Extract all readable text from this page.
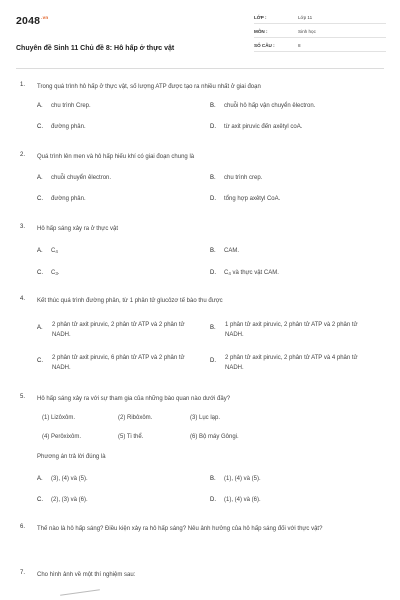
$2048^{.vn}$
Chuyên đề Sinh 11 Chủ đề 8: Hô hấp ở thực vật
LỚP :	Lớp 11
MÔN :	Sinh học
SỐ CÂU :	8
1. Trong quá trình hô hấp ở thực vật, số lượng ATP được tạo ra nhiều nhất ở giai đoạn
A. chu trình Crep.	B. chuỗi hô hấp vận chuyển êlectron.
C. đường phân.	D. từ axit piruvic đến axêtyl coA.
2. Quá trình lên men và hô hấp hiếu khí có giai đoạn chung là
A. chuỗi chuyển êlectron.	B. chu trình crep.
C. đường phân.	D. tổng hợp axêtyl CoA.
3. Hô hấp sáng xảy ra ở thực vật
A. C4	B. CAM.
C. C3.	D. C4 và thực vật CAM.
4. Kết thúc quá trình đường phân, từ 1 phân tử glucôzơ tế bào thu được
A. 2 phân tử axit piruvic, 2 phân tử ATP và 2 phân tử NADH.
B. 1 phân tử axit piruvic, 2 phân tử ATP và 2 phân tử NADH.
C. 2 phân tử axit piruvic, 6 phân tử ATP và 2 phân tử NADH.
D. 2 phân tử axit piruvic, 2 phân tử ATP và 4 phân tử NADH.
5. Hô hấp sáng xảy ra với sự tham gia của những bào quan nào dưới đây?
(1) Lizôxôm.	(2) Ribôxôm.	(3) Lục lạp.
(4) Perôxixôm.	(5) Ti thể.	(6) Bộ máy Gôngi.
Phương án trả lời đúng là
A. (3), (4) và (5).	B. (1), (4) và (5).
C. (2), (3) và (6).	D. (1), (4) và (6).
6. Thế nào là hô hấp sáng? Điều kiện xảy ra hô hấp sáng? Nêu ảnh hưởng của hô hấp sáng đối với thực vật?
7. Cho hình ảnh về một thí nghiệm sau:
